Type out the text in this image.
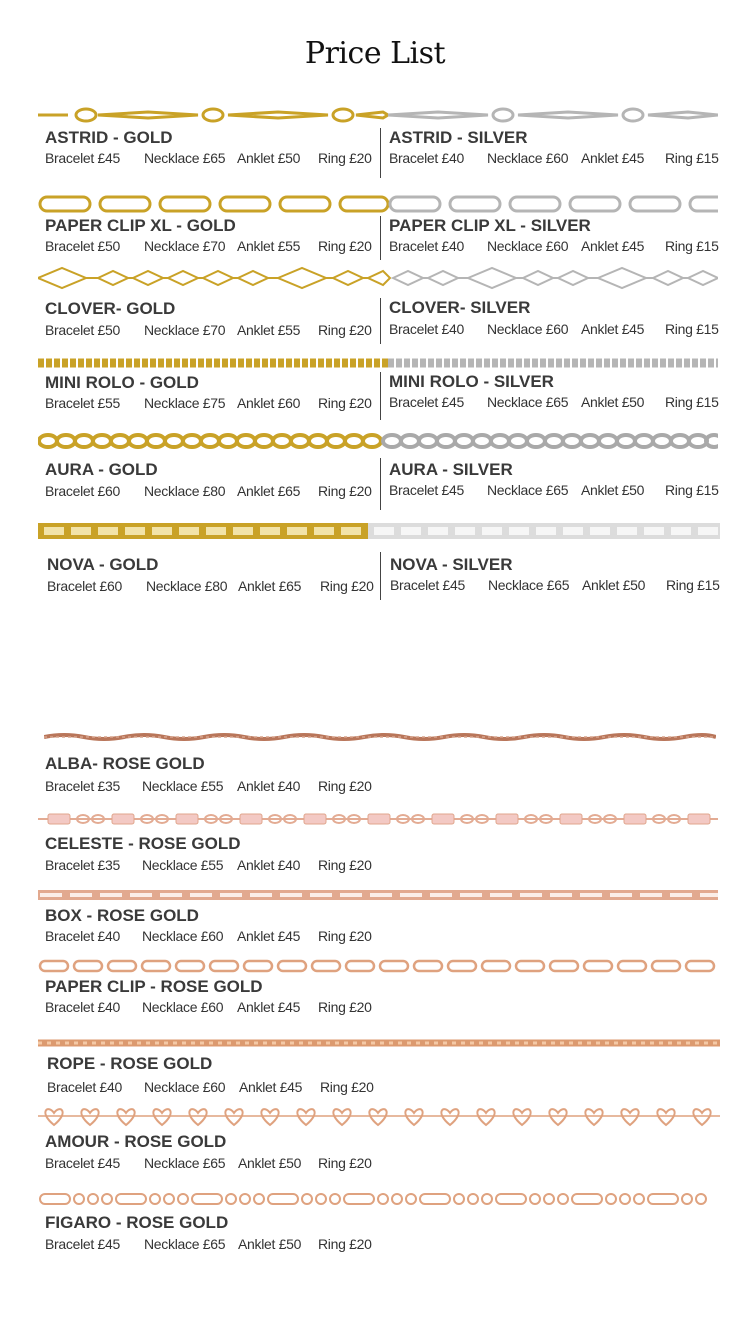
Price List
ASTRID - GOLD
Bracelet £45 Necklace £65 Anklet £50 Ring £20
ASTRID - SILVER
Bracelet £40 Necklace £60 Anklet £45 Ring £15
PAPER CLIP XL - GOLD
Bracelet £50 Necklace £70 Anklet £55 Ring £20
PAPER CLIP XL - SILVER
Bracelet £40 Necklace £60 Anklet £45 Ring £15
CLOVER- GOLD
Bracelet £50 Necklace £70 Anklet £55 Ring £20
CLOVER- SILVER
Bracelet £40 Necklace £60 Anklet £45 Ring £15
MINI ROLO - GOLD
Bracelet £55 Necklace £75 Anklet £60 Ring £20
MINI ROLO - SILVER
Bracelet £45 Necklace £65 Anklet £50 Ring £15
AURA - GOLD
Bracelet £60 Necklace £80 Anklet £65 Ring £20
AURA - SILVER
Bracelet £45 Necklace £65 Anklet £50 Ring £15
NOVA - GOLD
Bracelet £60 Necklace £80 Anklet £65 Ring £20
NOVA - SILVER
Bracelet £45 Necklace £65 Anklet £50 Ring £15
ALBA- ROSE GOLD
Bracelet £35 Necklace £55 Anklet £40 Ring £20
CELESTE - ROSE GOLD
Bracelet £35 Necklace £55 Anklet £40 Ring £20
BOX - ROSE GOLD
Bracelet £40 Necklace £60 Anklet £45 Ring £20
PAPER CLIP - ROSE GOLD
Bracelet £40 Necklace £60 Anklet £45 Ring £20
ROPE - ROSE GOLD
Bracelet £40 Necklace £60 Anklet £45 Ring £20
AMOUR - ROSE GOLD
Bracelet £45 Necklace £65 Anklet £50 Ring £20
FIGARO - ROSE GOLD
Bracelet £45 Necklace £65 Anklet £50 Ring £20
